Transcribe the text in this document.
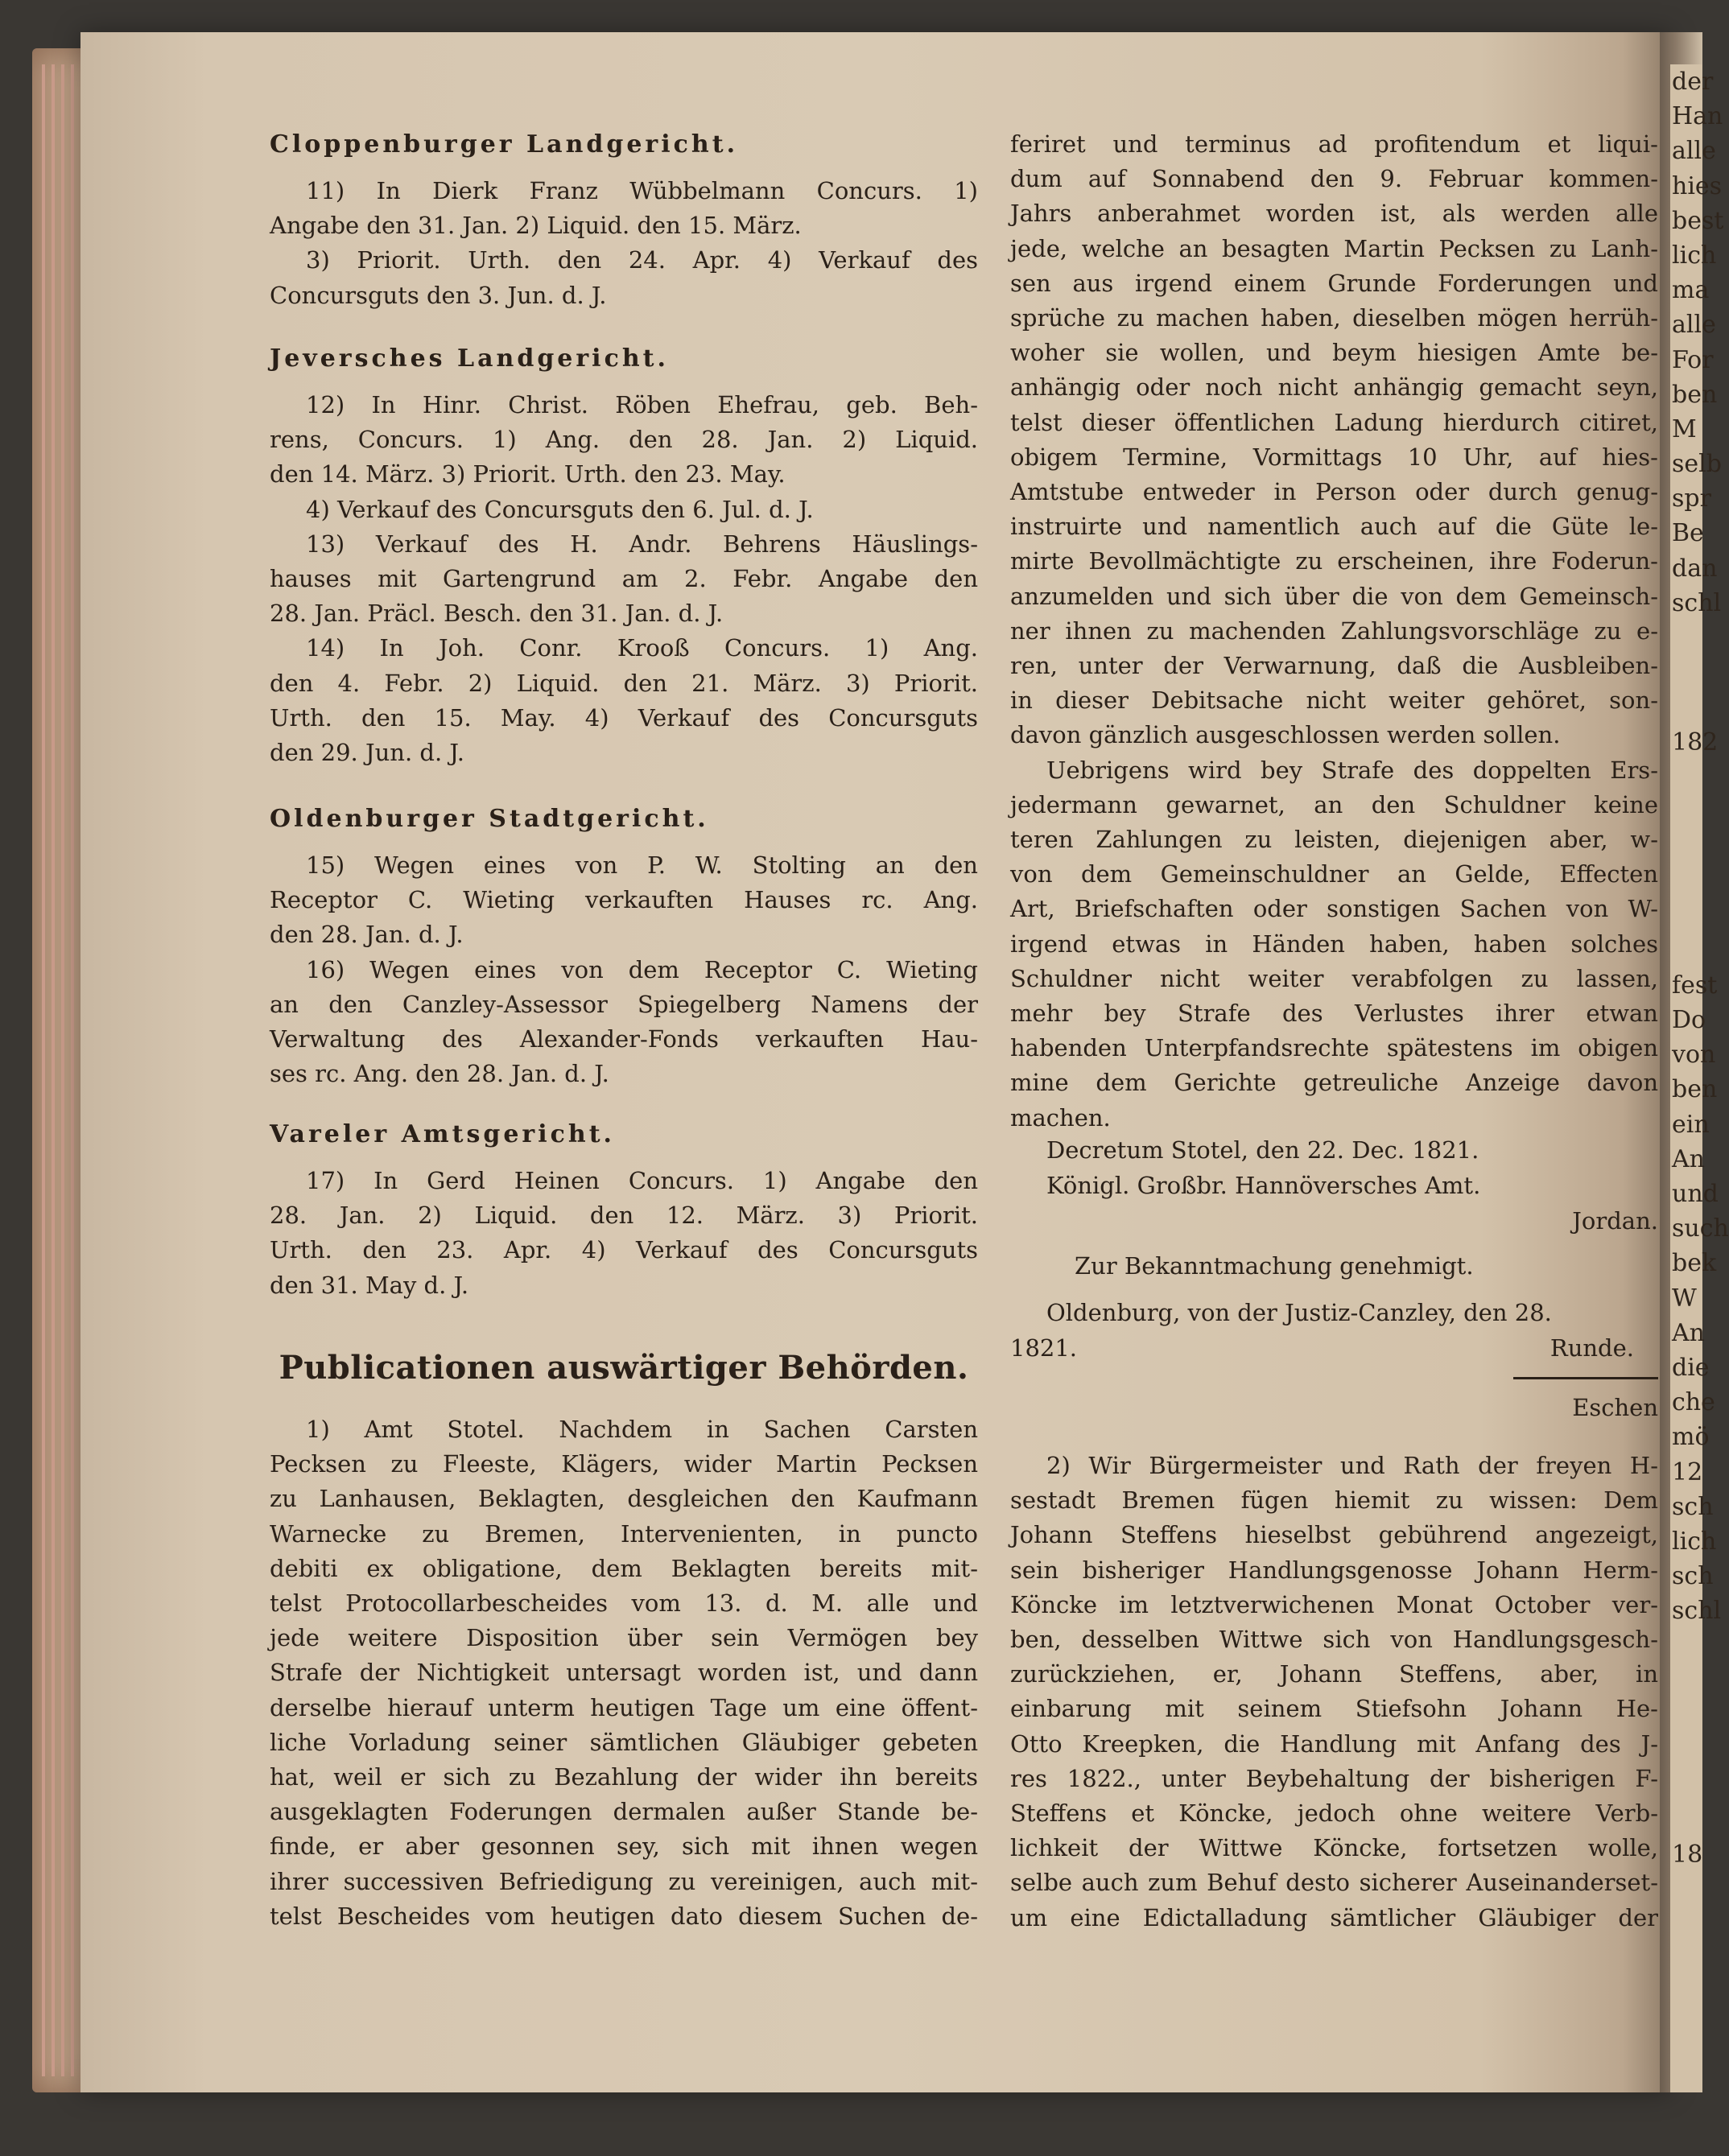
der
Han
alle
hies
best
lich
ma
alle
For
ben
M
selb
spr
Be
dan
schl
182
fest
Do
von
ben
ein
An
und
such
bek
W
An
die
che
mö
12
sch
lich
sch
schl
18
Cloppenburger Landgericht.

11) In Dierk Franz Wübbelmann Concurs. 1)

Angabe den 31. Jan. 2) Liquid. den 15. März.

3) Priorit. Urth. den 24. Apr. 4) Verkauf des

Concursguts den 3. Jun. d. J.

Jeversches Landgericht.

12) In Hinr. Christ. Röben Ehefrau, geb. Beh-

rens, Concurs. 1) Ang. den 28. Jan. 2) Liquid.

den 14. März. 3) Priorit. Urth. den 23. May.

4) Verkauf des Concursguts den 6. Jul. d. J.

13) Verkauf des H. Andr. Behrens Häuslings-

hauses mit Gartengrund am 2. Febr. Angabe den

28. Jan. Präcl. Besch. den 31. Jan. d. J.

14) In Joh. Conr. Krooß Concurs. 1) Ang.

den 4. Febr. 2) Liquid. den 21. März. 3) Priorit.

Urth. den 15. May. 4) Verkauf des Concursguts

den 29. Jun. d. J.

Oldenburger Stadtgericht.

15) Wegen eines von P. W. Stolting an den

Receptor C. Wieting verkauften Hauses rc. Ang.

den 28. Jan. d. J.

16) Wegen eines von dem Receptor C. Wieting

an den Canzley-Assessor Spiegelberg Namens der

Verwaltung des Alexander-Fonds verkauften Hau-

ses rc. Ang. den 28. Jan. d. J.

Vareler Amtsgericht.

17) In Gerd Heinen Concurs. 1) Angabe den

28. Jan. 2) Liquid. den 12. März. 3) Priorit.

Urth. den 23. Apr. 4) Verkauf des Concursguts

den 31. May d. J.

Publicationen auswärtiger Behörden.

1) Amt Stotel. Nachdem in Sachen Carsten

Pecksen zu Fleeste, Klägers, wider Martin Pecksen

zu Lanhausen, Beklagten, desgleichen den Kaufmann

Warnecke zu Bremen, Intervenienten, in puncto

debiti ex obligatione, dem Beklagten bereits mit-

telst Protocollarbescheides vom 13. d. M. alle und

jede weitere Disposition über sein Vermögen bey

Strafe der Nichtigkeit untersagt worden ist, und dann

derselbe hierauf unterm heutigen Tage um eine öffent-

liche Vorladung seiner sämtlichen Gläubiger gebeten

hat, weil er sich zu Bezahlung der wider ihn bereits

ausgeklagten Foderungen dermalen außer Stande be-

finde, er aber gesonnen sey, sich mit ihnen wegen

ihrer successiven Befriedigung zu vereinigen, auch mit-

telst Bescheides vom heutigen dato diesem Suchen de-

feriret und terminus ad profitendum et liqui-

dum auf Sonnabend den 9. Februar kommen-

Jahrs anberahmet worden ist, als werden alle

jede, welche an besagten Martin Pecksen zu Lanh-

sen aus irgend einem Grunde Forderungen und

sprüche zu machen haben, dieselben mögen herrüh-

woher sie wollen, und beym hiesigen Amte be-

anhängig oder noch nicht anhängig gemacht seyn,

telst dieser öffentlichen Ladung hierdurch citiret,

obigem Termine, Vormittags 10 Uhr, auf hies-

Amtstube entweder in Person oder durch genug-

instruirte und namentlich auch auf die Güte le-

mirte Bevollmächtigte zu erscheinen, ihre Foderun-

anzumelden und sich über die von dem Gemeinsch-

ner ihnen zu machenden Zahlungsvorschläge zu e-

ren, unter der Verwarnung, daß die Ausbleiben-

in dieser Debitsache nicht weiter gehöret, son-

davon gänzlich ausgeschlossen werden sollen.

Uebrigens wird bey Strafe des doppelten Ers-

jedermann gewarnet, an den Schuldner keine

teren Zahlungen zu leisten, diejenigen aber, w-

von dem Gemeinschuldner an Gelde, Effecten

Art, Briefschaften oder sonstigen Sachen von W-

irgend etwas in Händen haben, haben solches

Schuldner nicht weiter verabfolgen zu lassen,

mehr bey Strafe des Verlustes ihrer etwan

habenden Unterpfandsrechte spätestens im obigen

mine dem Gerichte getreuliche Anzeige davon

machen.

Decretum Stotel, den 22. Dec. 1821.

Königl. Großbr. Hannöversches Amt.

Jordan.

Zur Bekanntmachung genehmigt.

Oldenburg, von der Justiz-Canzley, den 28.

1821.	Runde.

Eschen

2) Wir Bürgermeister und Rath der freyen H-

sestadt Bremen fügen hiemit zu wissen: Dem

Johann Steffens hieselbst gebührend angezeigt,

sein bisheriger Handlungsgenosse Johann Herm-

Köncke im letztverwichenen Monat October ver-

ben, desselben Wittwe sich von Handlungsgesch-

zurückziehen, er, Johann Steffens, aber, in

einbarung mit seinem Stiefsohn Johann He-

Otto Kreepken, die Handlung mit Anfang des J-

res 1822., unter Beybehaltung der bisherigen F-

Steffens et Köncke, jedoch ohne weitere Verb-

lichkeit der Wittwe Köncke, fortsetzen wolle,

selbe auch zum Behuf desto sicherer Auseinanderset-

um eine Edictalladung sämtlicher Gläubiger der
